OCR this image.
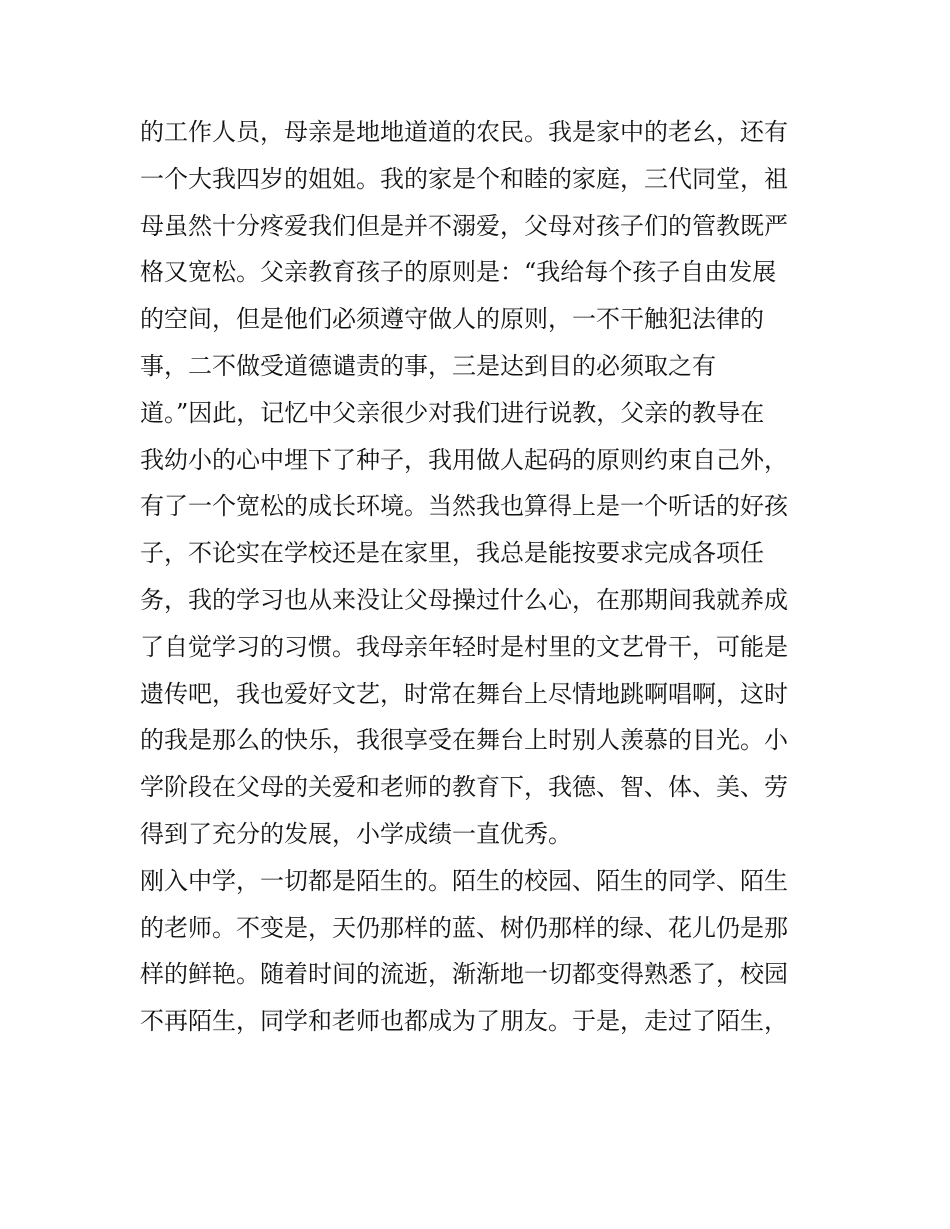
的工作人员，母亲是地地道道的农民。我是家中的老幺，还有
一个大我四岁的姐姐。我的家是个和睦的家庭，三代同堂，祖
母虽然十分疼爱我们但是并不溺爱，父母对孩子们的管教既严
格又宽松。父亲教育孩子的原则是：“我给每个孩子自由发展
的空间，但是他们必须遵守做人的原则，一不干触犯法律的
事，二不做受道德谴责的事，三是达到目的必须取之有
道。”因此，记忆中父亲很少对我们进行说教，父亲的教导在
我幼小的心中埋下了种子，我用做人起码的原则约束自己外，
有了一个宽松的成长环境。当然我也算得上是一个听话的好孩
子，不论实在学校还是在家里，我总是能按要求完成各项任
务，我的学习也从来没让父母操过什么心，在那期间我就养成
了自觉学习的习惯。我母亲年轻时是村里的文艺骨干，可能是
遗传吧，我也爱好文艺，时常在舞台上尽情地跳啊唱啊，这时
的我是那么的快乐，我很享受在舞台上时别人羡慕的目光。小
学阶段在父母的关爱和老师的教育下，我德、智、体、美、劳
得到了充分的发展，小学成绩一直优秀。
刚入中学，一切都是陌生的。陌生的校园、陌生的同学、陌生
的老师。不变是，天仍那样的蓝、树仍那样的绿、花儿仍是那
样的鲜艳。随着时间的流逝，渐渐地一切都变得熟悉了，校园
不再陌生，同学和老师也都成为了朋友。于是，走过了陌生，
